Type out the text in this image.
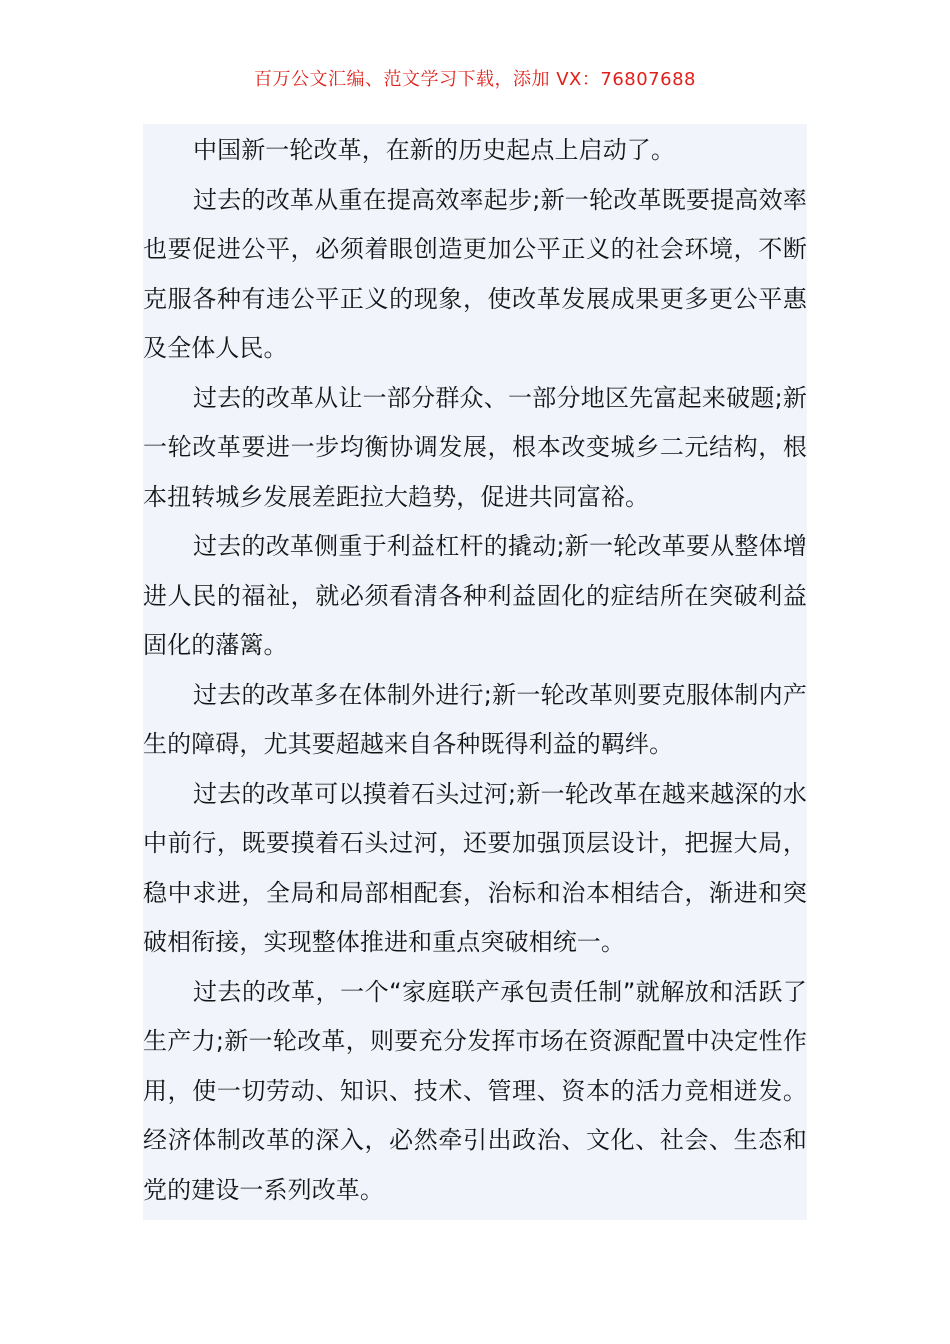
百万公文汇编、范文学习下载，添加 VX：76807688

中国新一轮改革，在新的历史起点上启动了。

过去的改革从重在提高效率起步;新一轮改革既要提高效率也要促进公平，必须着眼创造更加公平正义的社会环境，不断克服各种有违公平正义的现象，使改革发展成果更多更公平惠及全体人民。

过去的改革从让一部分群众、一部分地区先富起来破题;新一轮改革要进一步均衡协调发展，根本改变城乡二元结构，根本扭转城乡发展差距拉大趋势，促进共同富裕。

过去的改革侧重于利益杠杆的撬动;新一轮改革要从整体增进人民的福祉，就必须看清各种利益固化的症结所在突破利益固化的藩篱。

过去的改革多在体制外进行;新一轮改革则要克服体制内产生的障碍，尤其要超越来自各种既得利益的羁绊。

过去的改革可以摸着石头过河;新一轮改革在越来越深的水中前行，既要摸着石头过河，还要加强顶层设计，把握大局，稳中求进，全局和局部相配套，治标和治本相结合，渐进和突破相衔接，实现整体推进和重点突破相统一。

过去的改革，一个“家庭联产承包责任制”就解放和活跃了生产力;新一轮改革，则要充分发挥市场在资源配置中决定性作用，使一切劳动、知识、技术、管理、资本的活力竞相迸发。经济体制改革的深入，必然牵引出政治、文化、社会、生态和党的建设一系列改革。
